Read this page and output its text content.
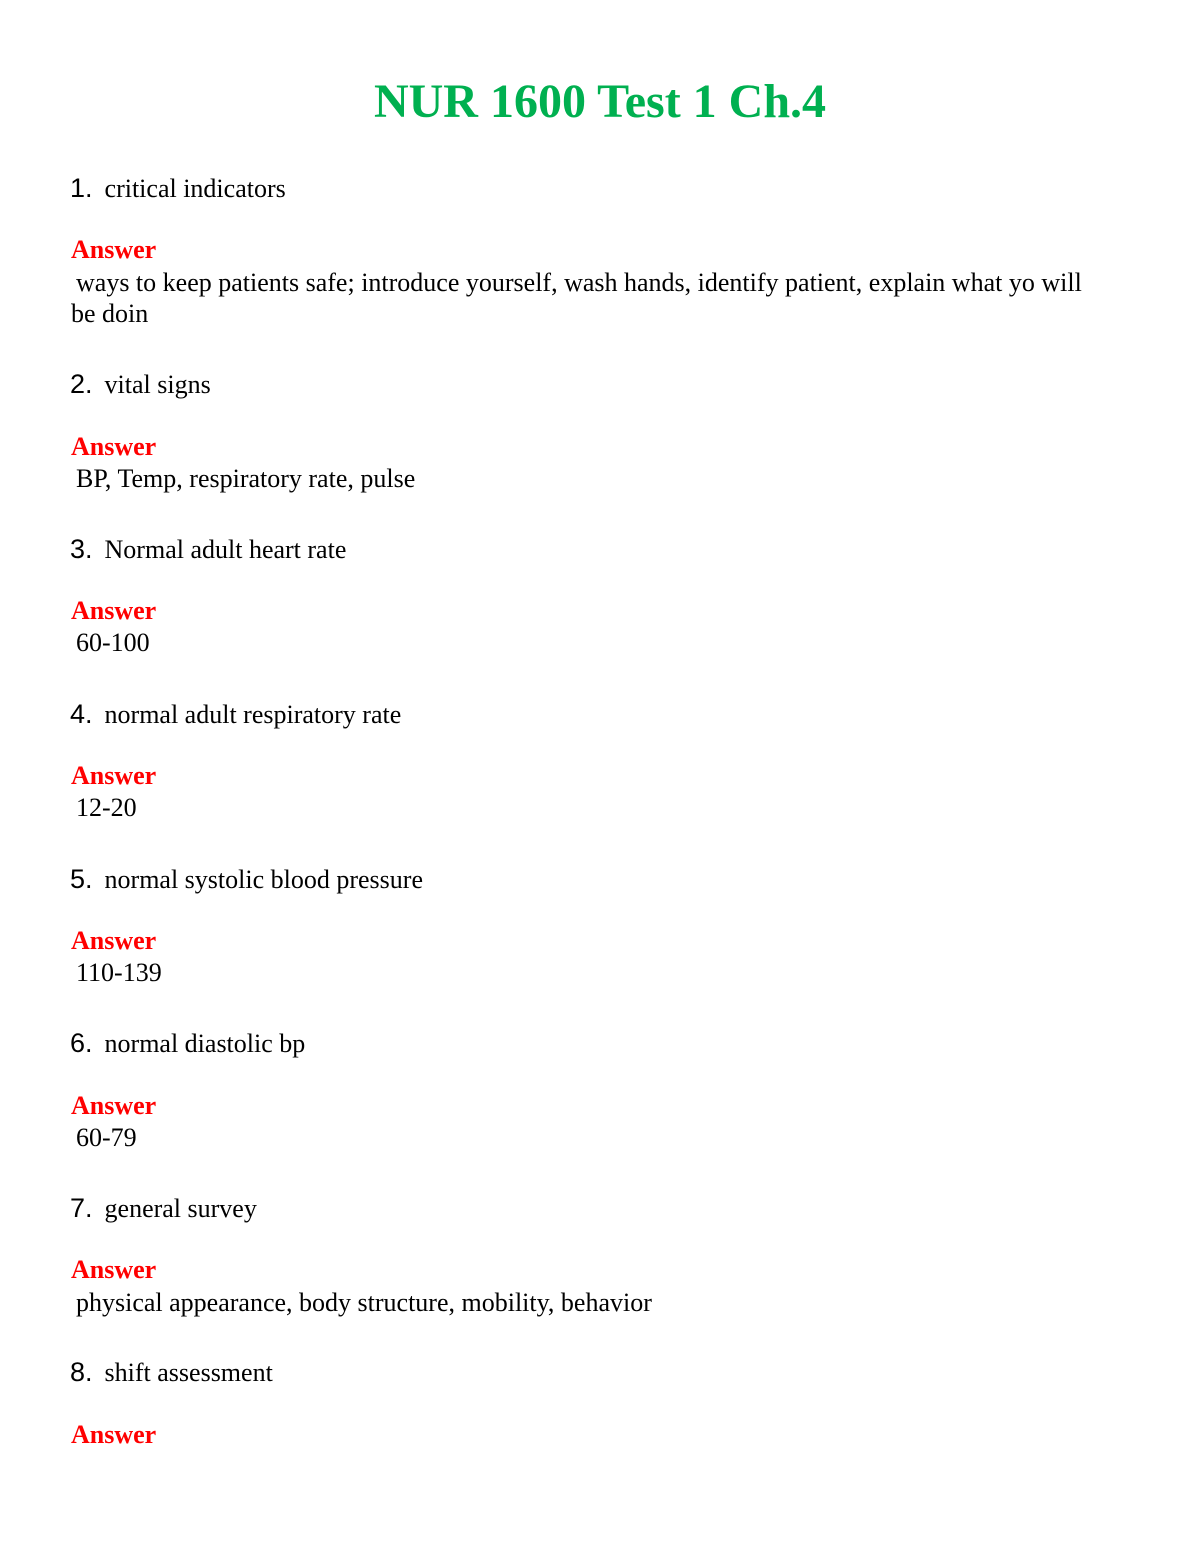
NUR 1600 Test 1 Ch.4
1. critical indicators
Answer
ways to keep patients safe; introduce yourself, wash hands, identify patient, explain what yo will be doin
2. vital signs
Answer
BP, Temp, respiratory rate, pulse
3. Normal adult heart rate
Answer
60-100
4. normal adult respiratory rate
Answer
12-20
5. normal systolic blood pressure
Answer
110-139
6. normal diastolic bp
Answer
60-79
7. general survey
Answer
physical appearance, body structure, mobility, behavior
8. shift assessment
Answer
